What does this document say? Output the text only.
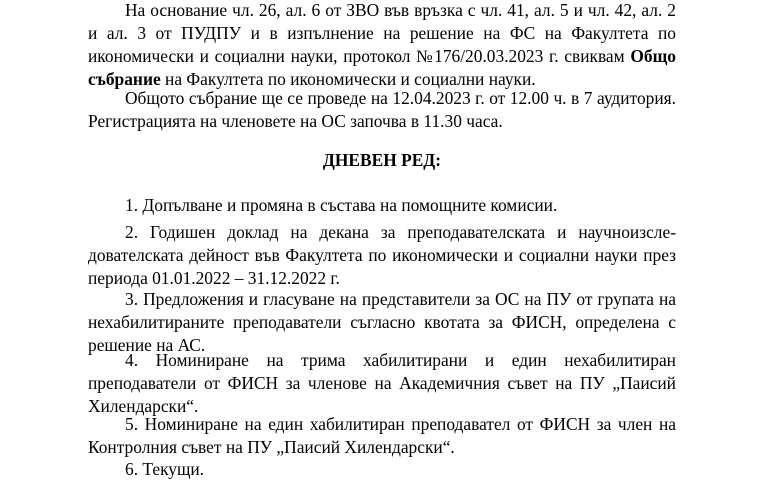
На основание чл. 26, ал. 6 от ЗВО във връзка с чл. 41, ал. 5 и чл. 42, ал. 2 и ал. 3 от ПУДПУ и в изпълнение на решение на ФС на Факултета по икономически и социални науки, протокол №176/20.03.2023 г. свиквам Общо събрание на Факултета по икономически и социални науки.

Общото събрание ще се проведе на 12.04.2023 г. от 12.00 ч. в 7 аудитория. Регистрацията на членовете на ОС започва в 11.30 часа.

ДНЕВЕН РЕД:

1. Допълване и промяна в състава на помощните комисии.

2. Годишен доклад на декана за преподавателската и научноизсле-дователската дейност във Факултета по икономически и социални науки през периода 01.01.2022 – 31.12.2022 г.

3. Предложения и гласуване на представители за ОС на ПУ от групата на нехабилитираните преподаватели съгласно квотата за ФИСН, определена с решение на АС.

4. Номиниране на трима хабилитирани и един нехабилитиран преподаватели от ФИСН за членове на Академичния съвет на ПУ „Паисий Хилендарски“.

5. Номиниране на един хабилитиран преподавател от ФИСН за член на Контролния съвет на ПУ „Паисий Хилендарски“.

6. Текущи.
